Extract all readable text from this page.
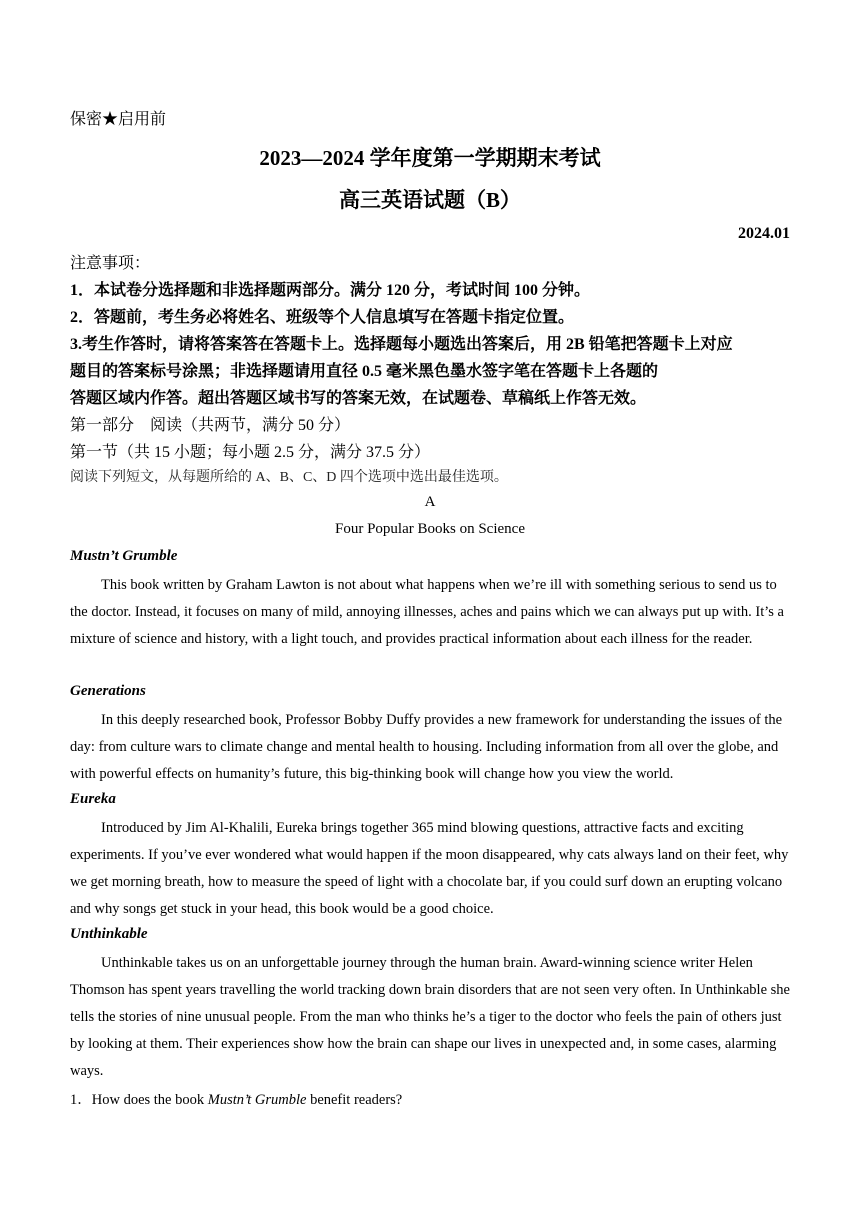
保密★启用前

2023—2024 学年度第一学期期末考试

高三英语试题（B）

2024.01

注意事项：

1．本试卷分选择题和非选择题两部分。满分 120 分，考试时间 100 分钟。

2．答题前，考生务必将姓名、班级等个人信息填写在答题卡指定位置。

3.考生作答时，请将答案答在答题卡上。选择题每小题选出答案后，用 2B 铅笔把答题卡上对应

题目的答案标号涂黑；非选择题请用直径 0.5 毫米黑色墨水签字笔在答题卡上各题的

答题区域内作答。超出答题区域书写的答案无效，在试题卷、草稿纸上作答无效。

第一部分　阅读（共两节，满分 50 分）

第一节（共 15 小题；每小题 2.5 分，满分 37.5 分）

阅读下列短文，从每题所给的 A、B、C、D 四个选项中选出最佳选项。

A

Four Popular Books on Science

Mustn’t Grumble

This book written by Graham Lawton is not about what happens when we’re ill with something serious to send us to the doctor. Instead, it focuses on many of mild, annoying illnesses, aches and pains which we can always put up with. It’s a mixture of science and history, with a light touch, and provides practical information about each illness for the reader.

Generations

In this deeply researched book, Professor Bobby Duffy provides a new framework for understanding the issues of the day: from culture wars to climate change and mental health to housing. Including information from all over the globe, and with powerful effects on humanity’s future, this big-thinking book will change how you view the world.

Eureka

Introduced by Jim Al-Khalili, Eureka brings together 365 mind blowing questions, attractive facts and exciting experiments. If you’ve ever wondered what would happen if the moon disappeared, why cats always land on their feet, why we get morning breath, how to measure the speed of light with a chocolate bar, if you could surf down an erupting volcano and why songs get stuck in your head, this book would be a good choice.

Unthinkable

Unthinkable takes us on an unforgettable journey through the human brain. Award-winning science writer Helen Thomson has spent years travelling the world tracking down brain disorders that are not seen very often. In Unthinkable she tells the stories of nine unusual people. From the man who thinks he’s a tiger to the doctor who feels the pain of others just by looking at them. Their experiences show how the brain can shape our lives in unexpected and, in some cases, alarming ways.

1．How does the book Mustn’t Grumble benefit readers?
